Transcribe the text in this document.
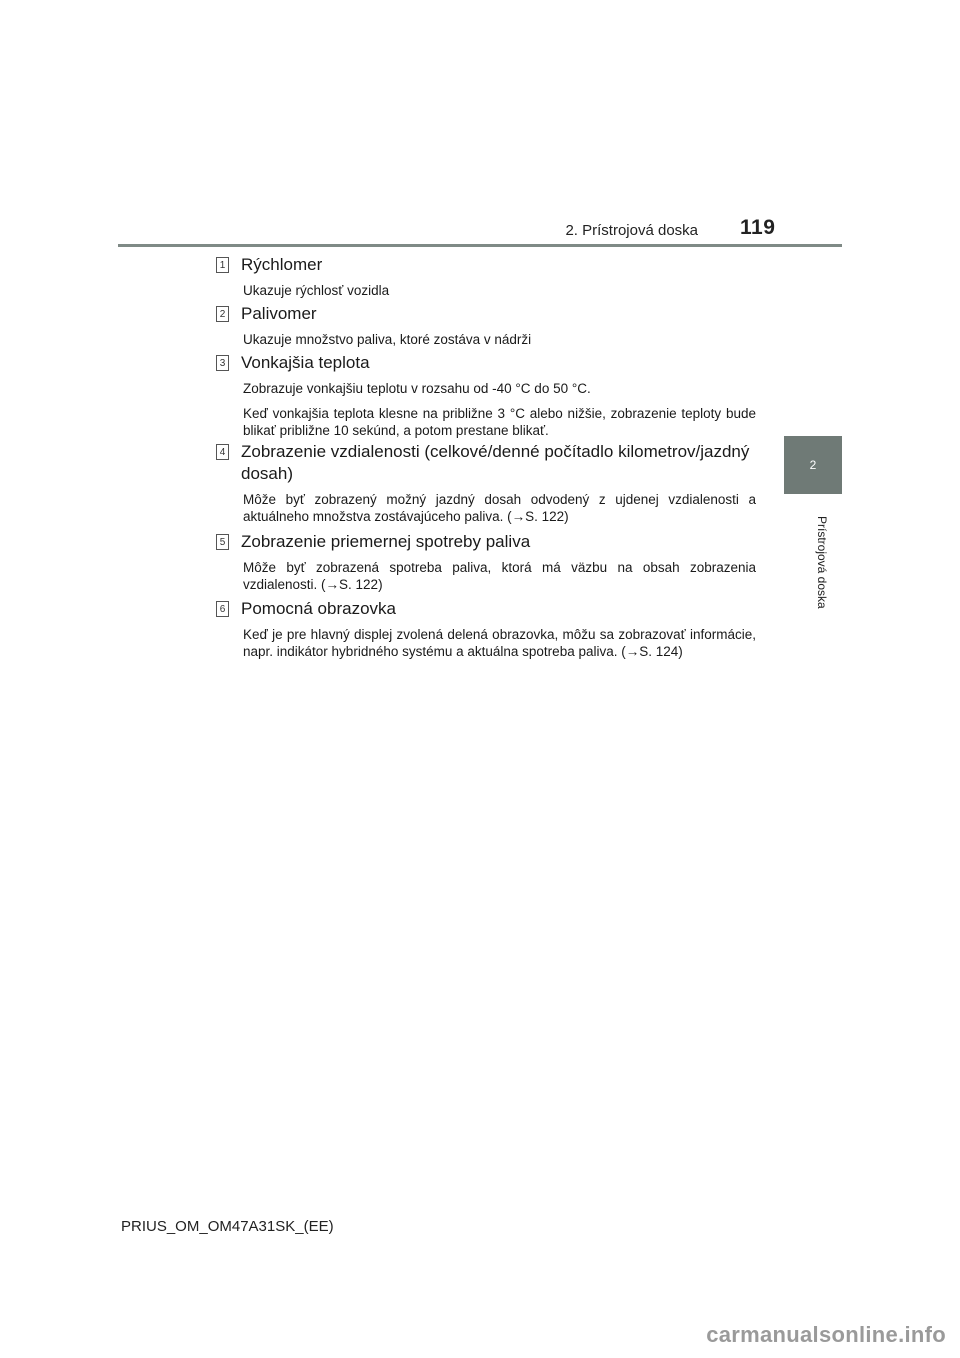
2. Prístrojová doska 119
2
Prístrojová doska
1 Rýchlomer

Ukazuje rýchlosť vozidla

2 Palivomer

Ukazuje množstvo paliva, ktoré zostáva v nádrži

3 Vonkajšia teplota

Zobrazuje vonkajšiu teplotu v rozsahu od -40 °C do 50 °C.

Keď vonkajšia teplota klesne na približne 3 °C alebo nižšie, zobrazenie teploty bude blikať približne 10 sekúnd, a potom prestane blikať.

4 Zobrazenie vzdialenosti (celkové/denné počítadlo kilometrov/jazdný dosah)

Môže byť zobrazený možný jazdný dosah odvodený z ujdenej vzdialenosti a aktuálneho množstva zostávajúceho paliva. (→S. 122)

5 Zobrazenie priemernej spotreby paliva

Môže byť zobrazená spotreba paliva, ktorá má väzbu na obsah zobrazenia vzdialenosti. (→S. 122)

6 Pomocná obrazovka

Keď je pre hlavný displej zvolená delená obrazovka, môžu sa zobrazovať informácie, napr. indikátor hybridného systému a aktuálna spotreba paliva. (→S. 124)

PRIUS_OM_OM47A31SK_(EE)
carmanualsonline.info
